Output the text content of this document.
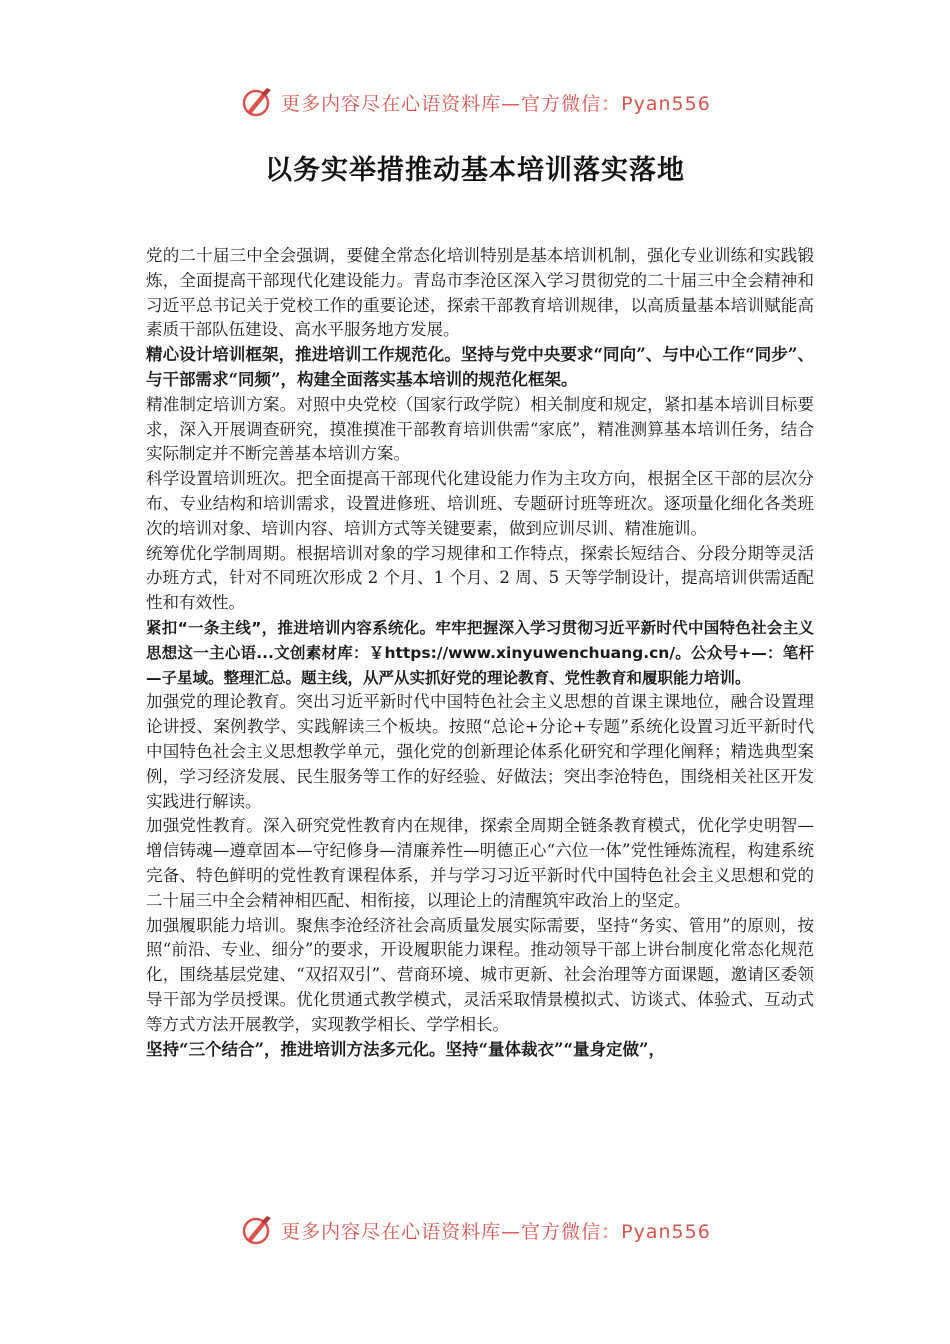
更多内容尽在心语资料库—官方微信：Pyan556
以务实举措推动基本培训落实落地

党的二十届三中全会强调，要健全常态化培训特别是基本培训机制，强化专业训练和实践锻炼，全面提高干部现代化建设能力。青岛市李沧区深入学习贯彻党的二十届三中全会精神和习近平总书记关于党校工作的重要论述，探索干部教育培训规律，以高质量基本培训赋能高素质干部队伍建设、高水平服务地方发展。

精心设计培训框架，推进培训工作规范化。坚持与党中央要求“同向”、与中心工作“同步”、与干部需求“同频”，构建全面落实基本培训的规范化框架。

精准制定培训方案。对照中央党校（国家行政学院）相关制度和规定，紧扣基本培训目标要求，深入开展调查研究，摸准摸准干部教育培训供需“家底”，精准测算基本培训任务，结合实际制定并不断完善基本培训方案。

科学设置培训班次。把全面提高干部现代化建设能力作为主攻方向，根据全区干部的层次分布、专业结构和培训需求，设置进修班、培训班、专题研讨班等班次。逐项量化细化各类班次的培训对象、培训内容、培训方式等关键要素，做到应训尽训、精准施训。

统筹优化学制周期。根据培训对象的学习规律和工作特点，探索长短结合、分段分期等灵活办班方式，针对不同班次形成 2 个月、1 个月、2 周、5 天等学制设计，提高培训供需适配性和有效性。

紧扣“一条主线”，推进培训内容系统化。牢牢把握深入学习贯彻习近平新时代中国特色社会主义思想这一主心语...文创素材库：￥https://www.xinyuwenchuang.cn/。公众号+—：笔杆—子星域。整理汇总。题主线，从严从实抓好党的理论教育、党性教育和履职能力培训。

加强党的理论教育。突出习近平新时代中国特色社会主义思想的首课主课地位，融合设置理论讲授、案例教学、实践解读三个板块。按照“总论+分论+专题”系统化设置习近平新时代中国特色社会主义思想教学单元，强化党的创新理论体系化研究和学理化阐释；精选典型案例，学习经济发展、民生服务等工作的好经验、好做法；突出李沧特色，围绕相关社区开发实践进行解读。

加强党性教育。深入研究党性教育内在规律，探索全周期全链条教育模式，优化学史明智—增信铸魂—遵章固本—守纪修身—清廉养性—明德正心“六位一体”党性锤炼流程，构建系统完备、特色鲜明的党性教育课程体系，并与学习习近平新时代中国特色社会主义思想和党的二十届三中全会精神相匹配、相衔接，以理论上的清醒筑牢政治上的坚定。

加强履职能力培训。聚焦李沧经济社会高质量发展实际需要，坚持“务实、管用”的原则，按照“前沿、专业、细分”的要求，开设履职能力课程。推动领导干部上讲台制度化常态化规范化，围绕基层党建、“双招双引”、营商环境、城市更新、社会治理等方面课题，邀请区委领导干部为学员授课。优化贯通式教学模式，灵活采取情景模拟式、访谈式、体验式、互动式等方式方法开展教学，实现教学相长、学学相长。

坚持“三个结合”，推进培训方法多元化。坚持“量体裁衣”“量身定做”，

更多内容尽在心语资料库—官方微信：Pyan556
